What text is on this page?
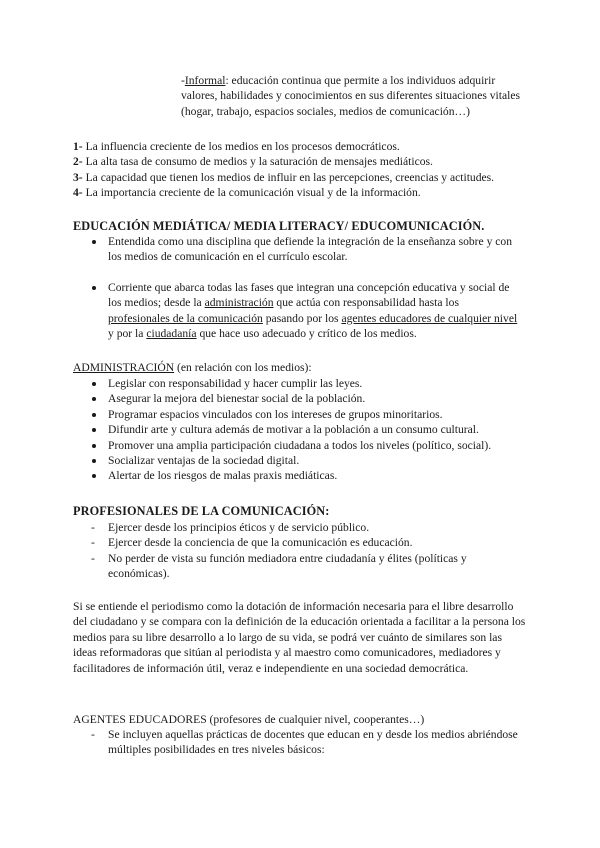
-Informal: educación continua que permite a los individuos adquirir valores, habilidades y conocimientos en sus diferentes situaciones vitales (hogar, trabajo, espacios sociales, medios de comunicación…)
1- La influencia creciente de los medios en los procesos democráticos.
2- La alta tasa de consumo de medios y la saturación de mensajes mediáticos.
3- La capacidad que tienen los medios de influir en las percepciones, creencias y actitudes.
4- La importancia creciente de la comunicación visual y de la información.
EDUCACIÓN MEDIÁTICA/ MEDIA LITERACY/ EDUCOMUNICACIÓN.
Entendida como una disciplina que defiende la integración de la enseñanza sobre y con los medios de comunicación en el currículo escolar.
Corriente que abarca todas las fases que integran una concepción educativa y social de los medios; desde la administración que actúa con responsabilidad hasta los profesionales de la comunicación pasando por los agentes educadores de cualquier nivel y por la ciudadanía que hace uso adecuado y crítico de los medios.
ADMINISTRACIÓN (en relación con los medios):
Legislar con responsabilidad y hacer cumplir las leyes.
Asegurar la mejora del bienestar social de la población.
Programar espacios vinculados con los intereses de grupos minoritarios.
Difundir arte y cultura además de motivar a la población a un consumo cultural.
Promover una amplia participación ciudadana a todos los niveles (político, social).
Socializar ventajas de la sociedad digital.
Alertar de los riesgos de malas praxis mediáticas.
PROFESIONALES DE LA COMUNICACIÓN:
- Ejercer desde los principios éticos y de servicio público.
- Ejercer desde la conciencia de que la comunicación es educación.
- No perder de vista su función mediadora entre ciudadanía y élites (políticas y económicas).

Si se entiende el periodismo como la dotación de información necesaria para el libre desarrollo del ciudadano y se compara con la definición de la educación orientada a facilitar a la persona los medios para su libre desarrollo a lo largo de su vida, se podrá ver cuánto de similares son las ideas reformadoras que sitúan al periodista y al maestro como comunicadores, mediadores y facilitadores de información útil, veraz e independiente en una sociedad democrática.

AGENTES EDUCADORES (profesores de cualquier nivel, cooperantes…)
- Se incluyen aquellas prácticas de docentes que educan en y desde los medios abriéndose múltiples posibilidades en tres niveles básicos:
